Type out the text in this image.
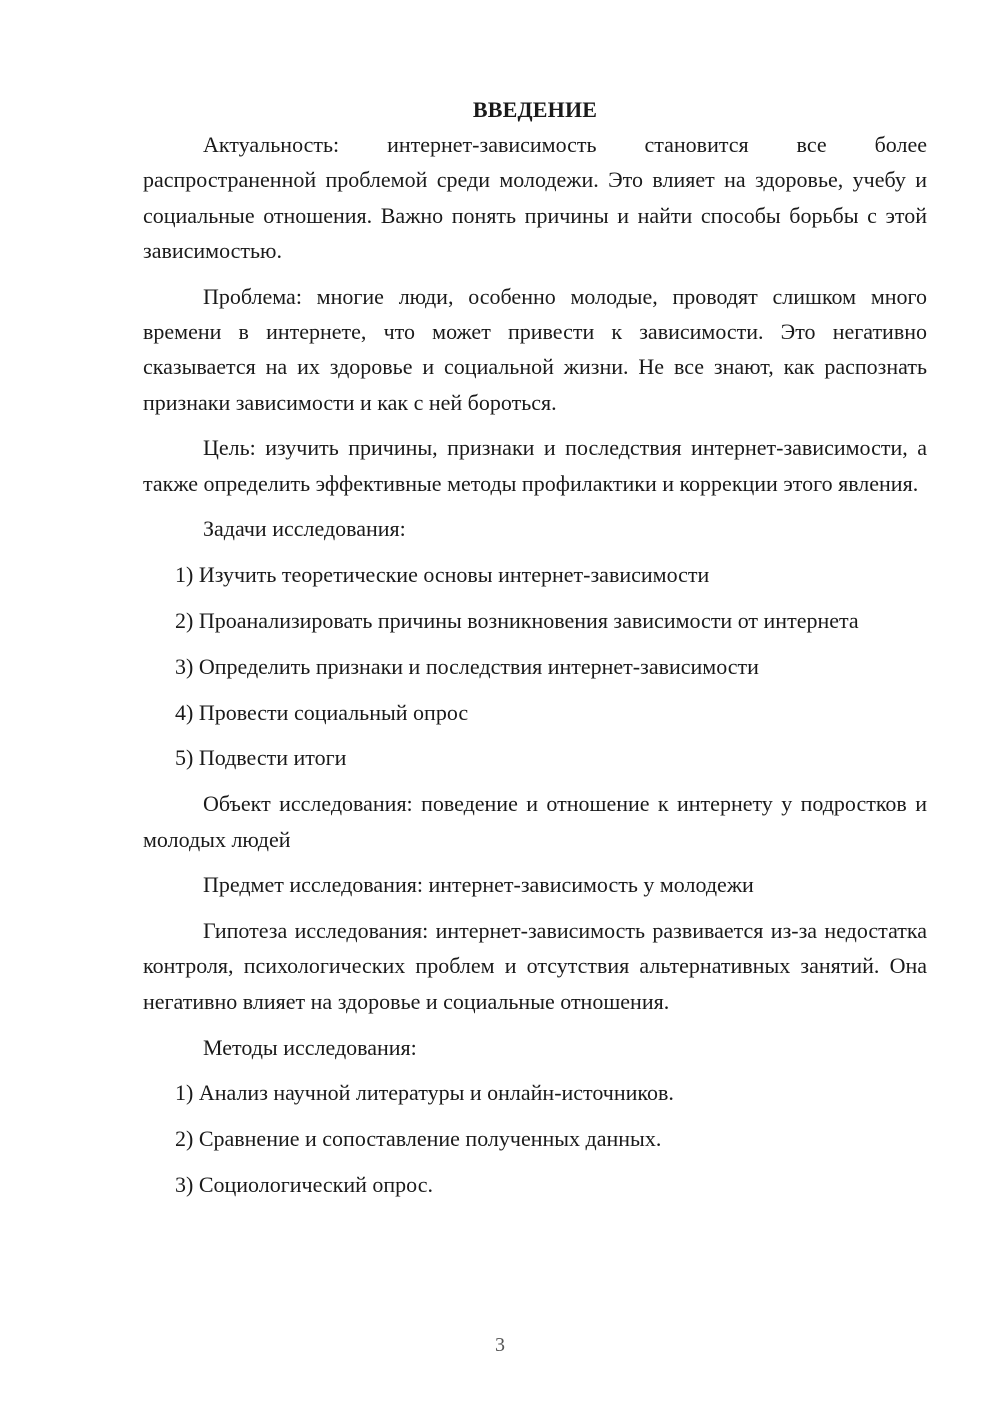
ВВЕДЕНИЕ

Актуальность: интернет-зависимость становится все более распространенной проблемой среди молодежи. Это влияет на здоровье, учебу и социальные отношения. Важно понять причины и найти способы борьбы с этой зависимостью.

Проблема: многие люди, особенно молодые, проводят слишком много времени в интернете, что может привести к зависимости. Это негативно сказывается на их здоровье и социальной жизни. Не все знают, как распознать признаки зависимости и как с ней бороться.

Цель: изучить причины, признаки и последствия интернет-зависимости, а также определить эффективные методы профилактики и коррекции этого явления.

Задачи исследования:

1) Изучить теоретические основы интернет-зависимости

2) Проанализировать причины возникновения зависимости от интернета

3) Определить признаки и последствия интернет-зависимости

4) Провести социальный опрос

5) Подвести итоги

Объект исследования: поведение и отношение к интернету у подростков и молодых людей

Предмет исследования: интернет-зависимость у молодежи

Гипотеза исследования: интернет-зависимость развивается из-за недостатка контроля, психологических проблем и отсутствия альтернативных занятий. Она негативно влияет на здоровье и социальные отношения.

Методы исследования:

1) Анализ научной литературы и онлайн-источников.

2) Сравнение и сопоставление полученных данных.

3) Социологический опрос.

3
